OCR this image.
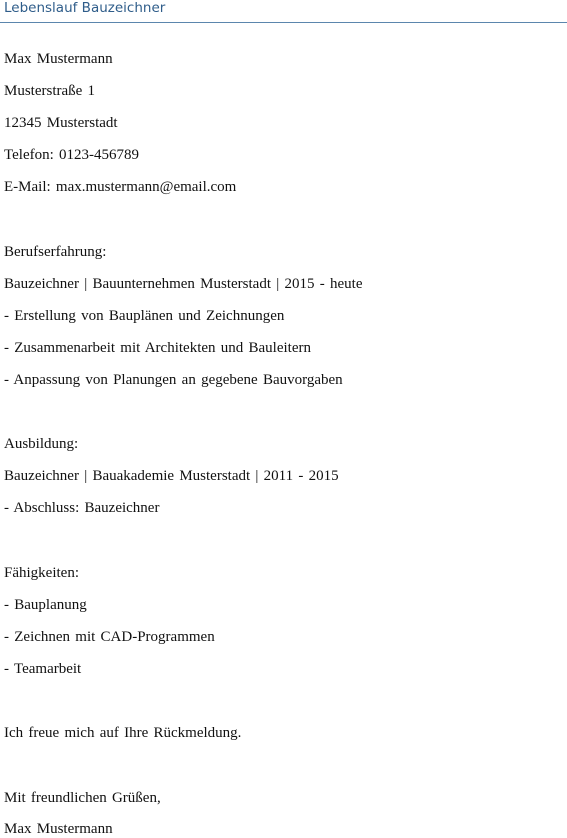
Lebenslauf Bauzeichner
Max Mustermann
Musterstraße 1
12345 Musterstadt
Telefon: 0123-456789
E-Mail: max.mustermann@email.com
Berufserfahrung:
Bauzeichner | Bauunternehmen Musterstadt | 2015 - heute
- Erstellung von Bauplänen und Zeichnungen
- Zusammenarbeit mit Architekten und Bauleitern
- Anpassung von Planungen an gegebene Bauvorgaben
Ausbildung:
Bauzeichner | Bauakademie Musterstadt | 2011 - 2015
- Abschluss: Bauzeichner
Fähigkeiten:
- Bauplanung
- Zeichnen mit CAD-Programmen
- Teamarbeit
Ich freue mich auf Ihre Rückmeldung.
Mit freundlichen Grüßen,
Max Mustermann
